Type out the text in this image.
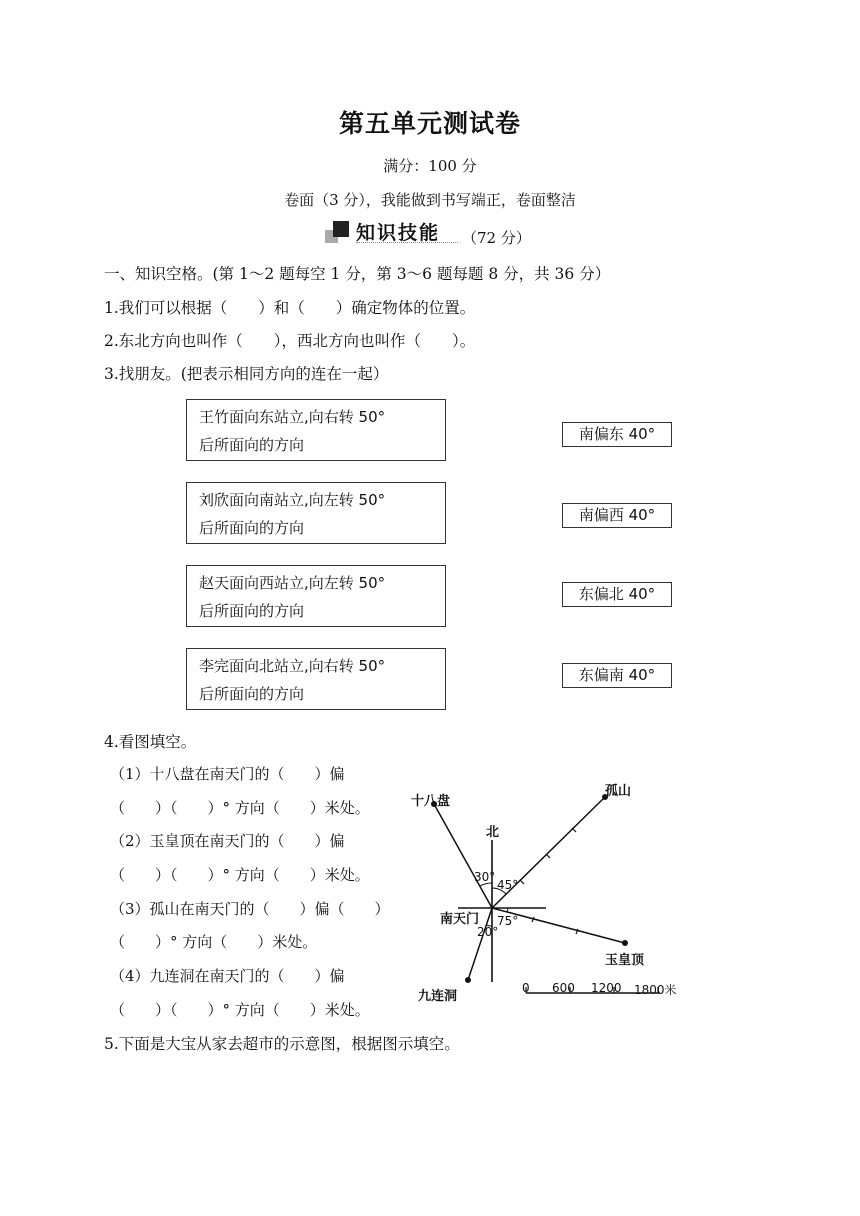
第五单元测试卷
满分：100 分
卷面（3 分），我能做到书写端正，卷面整洁
知识技能 （72 分）
一、知识空格。(第 1～2 题每空 1 分，第 3～6 题每题 8 分，共 36 分）
1.我们可以根据（　　）和（　　）确定物体的位置。
2.东北方向也叫作（　　），西北方向也叫作（　　）。
3.找朋友。(把表示相同方向的连在一起）
王竹面向东站立,向右转 50°
后所面向的方向
刘欣面向南站立,向左转 50°
后所面向的方向
赵天面向西站立,向左转 50°
后所面向的方向
李完面向北站立,向右转 50°
后所面向的方向
南偏东 40°
南偏西 40°
东偏北 40°
东偏南 40°
4.看图填空。
（1）十八盘在南天门的（　　）偏
（　　）（　　）° 方向（　　）米处。
（2）玉皇顶在南天门的（　　）偏
（　　）（　　）° 方向（　　）米处。
（3）孤山在南天门的（　　）偏（　　）
（　　）° 方向（　　）米处。
（4）九连洞在南天门的（　　）偏
（　　）（　　）° 方向（　　）米处。
北
十八盘
孤山
南天门
玉皇顶
九连洞
30°
45°
75°
20°
0 600 1200 1800米
5.下面是大宝从家去超市的示意图，根据图示填空。
